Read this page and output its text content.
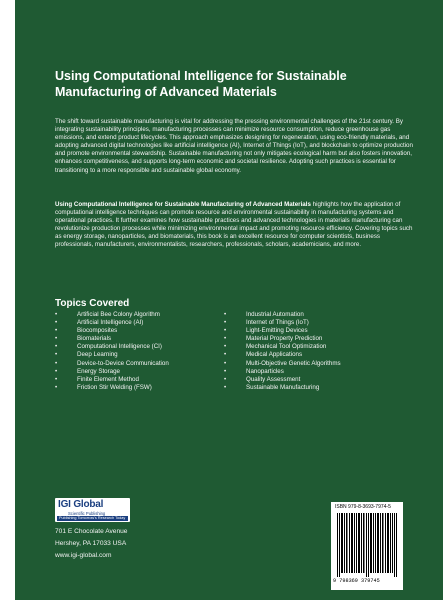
Using Computational Intelligence for Sustainable Manufacturing of Advanced Materials

The shift toward sustainable manufacturing is vital for addressing the pressing environmental challenges of the 21st century. By integrating sustainability principles, manufacturing processes can minimize resource consumption, reduce greenhouse gas emissions, and extend product lifecycles. This approach emphasizes designing for regeneration, using eco-friendly materials, and adopting advanced digital technologies like artificial intelligence (AI), Internet of Things (IoT), and blockchain to optimize production and promote environmental stewardship. Sustainable manufacturing not only mitigates ecological harm but also fosters innovation, enhances competitiveness, and supports long-term economic and societal resilience. Adopting such practices is essential for transitioning to a more responsible and sustainable global economy.

Using Computational Intelligence for Sustainable Manufacturing of Advanced Materials highlights how the application of computational intelligence techniques can promote resource and environmental sustainability in manufacturing systems and operational practices. It further examines how sustainable practices and advanced technologies in materials manufacturing can revolutionize production processes while minimizing environmental impact and promoting resource efficiency. Covering topics such as energy storage, nanoparticles, and biomaterials, this book is an excellent resource for computer scientists, business professionals, manufacturers, environmentalists, researchers, professionals, scholars, academicians, and more.

Topics Covered
•	Artificial Bee Colony Algorithm
•	Artificial Intelligence (AI)
•	Biocomposites
•	Biomaterials
•	Computational Intelligence (CI)
•	Deep Learning
•	Device-to-Device Communication
•	Energy Storage
•	Finite Element Method
•	Friction Stir Welding (FSW)
•	Industrial Automation
•	Internet of Things (IoT)
•	Light-Emitting Devices
•	Material Property Prediction
•	Mechanical Tool Optimization
•	Medical Applications
•	Multi-Objective Genetic Algorithms
•	Nanoparticles
•	Quality Assessment
•	Sustainable Manufacturing
IGI Global
Scientific Publishing
Publishing Tomorrow's Research Today
701 E Chocolate Avenue
Hershey, PA 17033 USA
www.igi-global.com
ISBN 979-8-3693-7974-5
9 798369 379745
